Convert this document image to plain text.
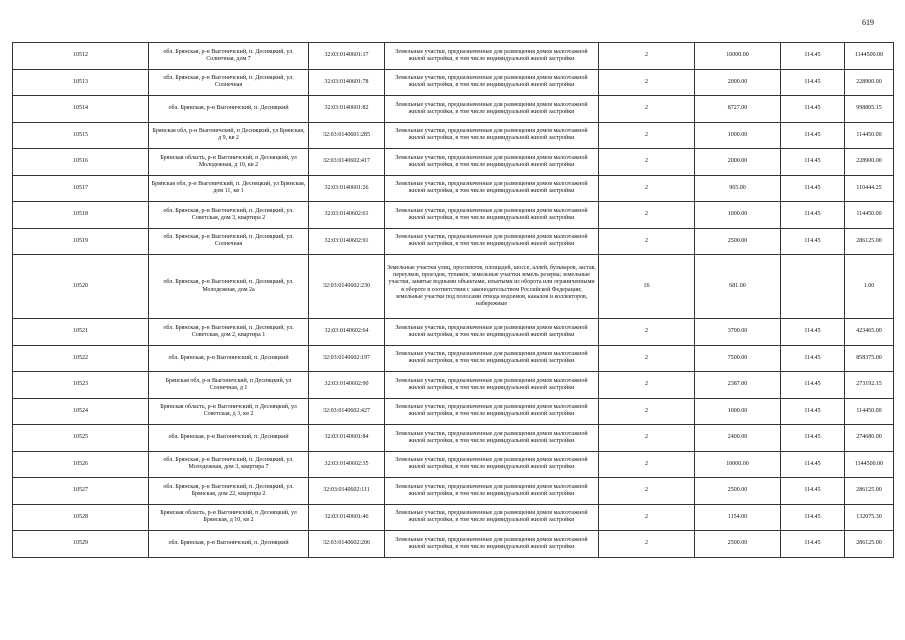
619
10512	обл. Брянская, р-н Выгоничский, п. Десняцкий, ул. Солнечная, дом 7	32:03:0140601:17	Земельные участки, предназначенные для размещения домов малоэтажной жилой застройки, в том числе индивидуальной жилой застройки	2	10000.00	114.45	1144500.00
10513	обл. Брянская, р-н Выгоничский, п. Десняцкий, ул. Солнечная	32:03:0140601:78	Земельные участки, предназначенные для размещения домов малоэтажной жилой застройки, в том числе индивидуальной жилой застройки	2	2000.00	114.45	228900.00
10514	обл. Брянская, р-н Выгоничский, п. Десняцкий	32:03:0140601:82	Земельные участки, предназначенные для размещения домов малоэтажной жилой застройки, в том числе индивидуальной жилой застройки	2	8727.00	114.45	998805.15
10515	Брянская обл, р-н Выгоничский, п Десняцкий, ул Брянская, д 9, кв 2	32:03:0140601:285	Земельные участки, предназначенные для размещения домов малоэтажной жилой застройки, в том числе индивидуальной жилой застройки	2	1000.00	114.45	114450.00
10516	Брянская область, р-н Выгоничский, п Десняцкий, ул Молодежная, д 10, кв 2	32:03:0140602:417	Земельные участки, предназначенные для размещения домов малоэтажной жилой застройки, в том числе индивидуальной жилой застройки	2	2000.00	114.45	228900.00
10517	Брянская обл, р-н Выгоничский, п. Десняцкий, ул Брянская, дом 11, кв 1	32:03:0140601:26	Земельные участки, предназначенные для размещения домов малоэтажной жилой застройки, в том числе индивидуальной жилой застройки	2	965.00	114.45	110444.25
10518	обл. Брянская, р-н Выгоничский, п. Десняцкий, ул. Советская, дом 3, квартира 2	32:03:0140602:61	Земельные участки, предназначенные для размещения домов малоэтажной жилой застройки, в том числе индивидуальной жилой застройки	2	1000.00	114.45	114450.00
10519	обл. Брянская, р-н Выгоничский, п. Десняцкий, ул. Солнечная	32:03:0140602:91	Земельные участки, предназначенные для размещения домов малоэтажной жилой застройки, в том числе индивидуальной жилой застройки	2	2500.00	114.45	286125.00
10520	обл. Брянская, р-н Выгоничский, п. Десняцкий, ул. Молодежная, дом 2а	32:03:0140602:230	Земельные участки улиц, проспектов, площадей, шоссе, аллей, бульваров, застав, переулков, проездов, тупиков; земельные участки земель резерва; земельные участки, занятые водными объектами, изъятыми из оборота или ограниченными в обороте в соответствии с законодательством Российской Федерации; земельные участки под полосами отвода водоемов, каналов и коллекторов, набережные	16	681.00		1.00
10521	обл. Брянская, р-н Выгоничский, п. Десняцкий, ул. Советская, дом 2, квартира 1	32:03:0140602:64	Земельные участки, предназначенные для размещения домов малоэтажной жилой застройки, в том числе индивидуальной жилой застройки	2	3700.00	114.45	423465.00
10522	обл. Брянская, р-н Выгоничский, п. Десняцкий	32:03:0140602:197	Земельные участки, предназначенные для размещения домов малоэтажной жилой застройки, в том числе индивидуальной жилой застройки	2	7500.00	114.45	858375.00
10523	Брянская обл, р-н Выгоничский, п Десняцкий, ул Солнечная, д 1	32:03:0140602:90	Земельные участки, предназначенные для размещения домов малоэтажной жилой застройки, в том числе индивидуальной жилой застройки	2	2387.00	114.45	273192.15
10524	Брянская область, р-н Выгоничский, п Десняцкий, ул Советская, д 3, кв 2	32:03:0140602:427	Земельные участки, предназначенные для размещения домов малоэтажной жилой застройки, в том числе индивидуальной жилой застройки	2	1000.00	114.45	114450.00
10525	обл. Брянская, р-н Выгоничский, п. Десняцкий	32:03:0140601:84	Земельные участки, предназначенные для размещения домов малоэтажной жилой застройки, в том числе индивидуальной жилой застройки	2	2400.00	114.45	274680.00
10526	обл. Брянская, р-н Выгоничский, п. Десняцкий, ул. Молодежная, дом 3, квартира 7	32:03:0140602:35	Земельные участки, предназначенные для размещения домов малоэтажной жилой застройки, в том числе индивидуальной жилой застройки	2	10000.00	114.45	1144500.00
10527	обл. Брянская, р-н Выгоничский, п. Десняцкий, ул. Брянская, дом 22, квартира 2	32:03:0140602:111	Земельные участки, предназначенные для размещения домов малоэтажной жилой застройки, в том числе индивидуальной жилой застройки	2	2500.00	114.45	286125.00
10528	Брянская область, р-н Выгоничский, п Десняцкий, ул Брянская, д 10, кв 2	32:03:0140601:46	Земельные участки, предназначенные для размещения домов малоэтажной жилой застройки, в том числе индивидуальной жилой застройки	2	1154.00	114.45	132075.30
10529	обл. Брянская, р-н Выгоничский, п. Десняцкий	32:03:0140602:206	Земельные участки, предназначенные для размещения домов малоэтажной жилой застройки, в том числе индивидуальной жилой застройки	2	2500.00	114.45	286125.00
